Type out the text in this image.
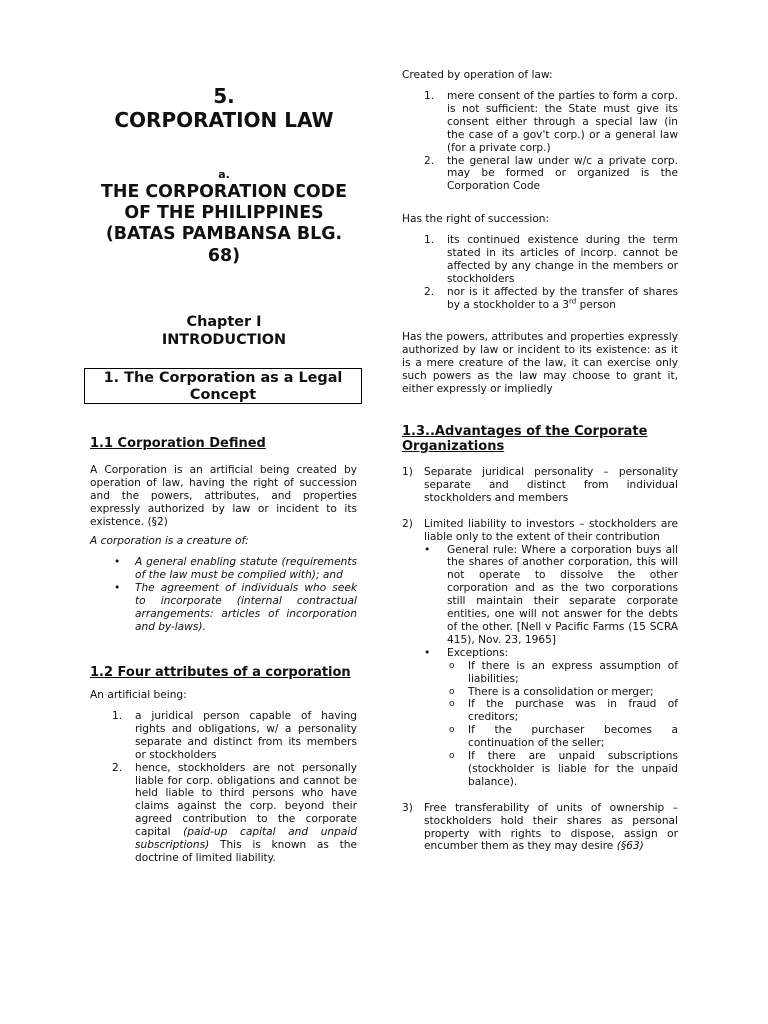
5.
CORPORATION LAW
a.
THE CORPORATION CODE OF THE PHILIPPINES (BATAS PAMBANSA BLG. 68)
Chapter I
INTRODUCTION
1. The Corporation as a Legal Concept
1.1 Corporation Defined

A Corporation is an artificial being created by operation of law, having the right of succession and the powers, attributes, and properties expressly authorized by law or incident to its existence. (§2)

A corporation is a creature of:

• A general enabling statute (requirements of the law must be complied with); and
• The agreement of individuals who seek to incorporate (internal contractual arrangements: articles of incorporation and by-laws).
1.2 Four attributes of a corporation

An artificial being:

1. a juridical person capable of having rights and obligations, w/ a personality separate and distinct from its members or stockholders
2. hence, stockholders are not personally liable for corp. obligations and cannot be held liable to third persons who have claims against the corp. beyond their agreed contribution to the corporate capital (paid-up capital and unpaid subscriptions) This is known as the doctrine of limited liability.

Created by operation of law:

1. mere consent of the parties to form a corp. is not sufficient: the State must give its consent either through a special law (in the case of a gov't corp.) or a general law (for a private corp.)
2. the general law under w/c a private corp. may be formed or organized is the Corporation Code

Has the right of succession:

1. its continued existence during the term stated in its articles of incorp. cannot be affected by any change in the members or stockholders
2. nor is it affected by the transfer of shares by a stockholder to a 3rd person

Has the powers, attributes and properties expressly authorized by law or incident to its existence: as it is a mere creature of the law, it can exercise only such powers as the law may choose to grant it, either expressly or impliedly

1.3..Advantages of the Corporate Organizations
1) Separate juridical personality – personality separate and distinct from individual stockholders and members
2) Limited liability to investors – stockholders are liable only to the extent of their contribution
• General rule: Where a corporation buys all the shares of another corporation, this will not operate to dissolve the other corporation and as the two corporations still maintain their separate corporate entities, one will not answer for the debts of the other. [Nell v Pacific Farms (15 SCRA 415), Nov. 23, 1965]
• Exceptions:
o If there is an express assumption of liabilities;
o There is a consolidation or merger;
o If the purchase was in fraud of creditors;
o If the purchaser becomes a continuation of the seller;
o If there are unpaid subscriptions (stockholder is liable for the unpaid balance).
3) Free transferability of units of ownership – stockholders hold their shares as personal property with rights to dispose, assign or encumber them as they may desire (§63)
